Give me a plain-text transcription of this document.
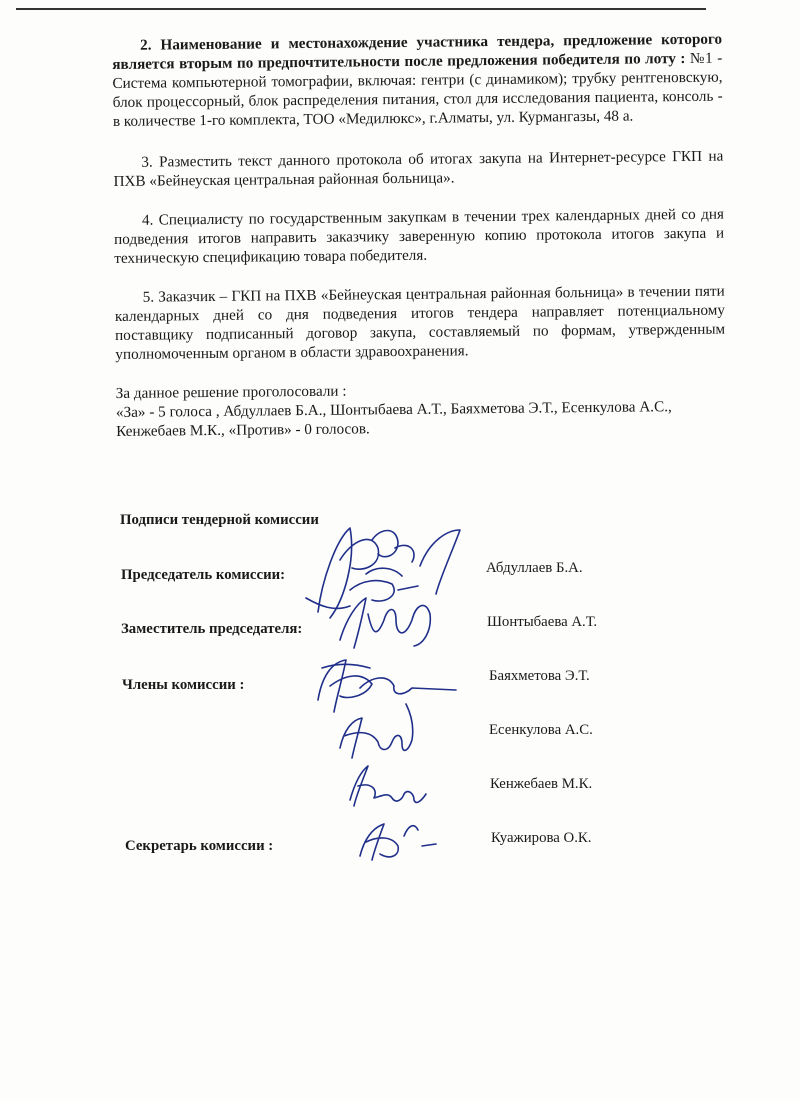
2. Наименование и местонахождение участника тендера, предложение которого является вторым по предпочтительности после предложения победителя по лоту : №1 - Система компьютерной томографии, включая: гентри (с динамиком); трубку рентгеновскую, блок процессорный, блок распределения питания, стол для исследования пациента, консоль - в количестве 1-го комплекта, ТОО «Медилюкс», г.Алматы, ул. Курмангазы, 48 а.

3. Разместить текст данного протокола об итогах закупа на Интернет-ресурсе ГКП на ПХВ «Бейнеуская центральная районная больница».

4. Специалисту по государственным закупкам в течении трех календарных дней со дня подведения итогов направить заказчику заверенную копию протокола итогов закупа и техническую спецификацию товара победителя.

5. Заказчик – ГКП на ПХВ «Бейнеуская центральная районная больница» в течении пяти календарных дней со дня подведения итогов тендера направляет потенциальному поставщику подписанный договор закупа, составляемый по формам, утвержденным уполномоченным органом в области здравоохранения.

За данное решение проголосовали :
«За» - 5 голоса , Абдуллаев Б.А., Шонтыбаева А.Т., Баяхметова Э.Т., Есенкулова А.С.,
Кенжебаев М.К., «Против» - 0 голосов.
Подписи тендерной комиссии
Председатель комиссии:	Абдуллаев Б.А.
Заместитель председателя:	Шонтыбаева А.Т.
Члены комиссии :
Баяхметова Э.Т.
Есенкулова А.С.
Кенжебаев М.К.
Секретарь комиссии :	Куажирова О.К.
